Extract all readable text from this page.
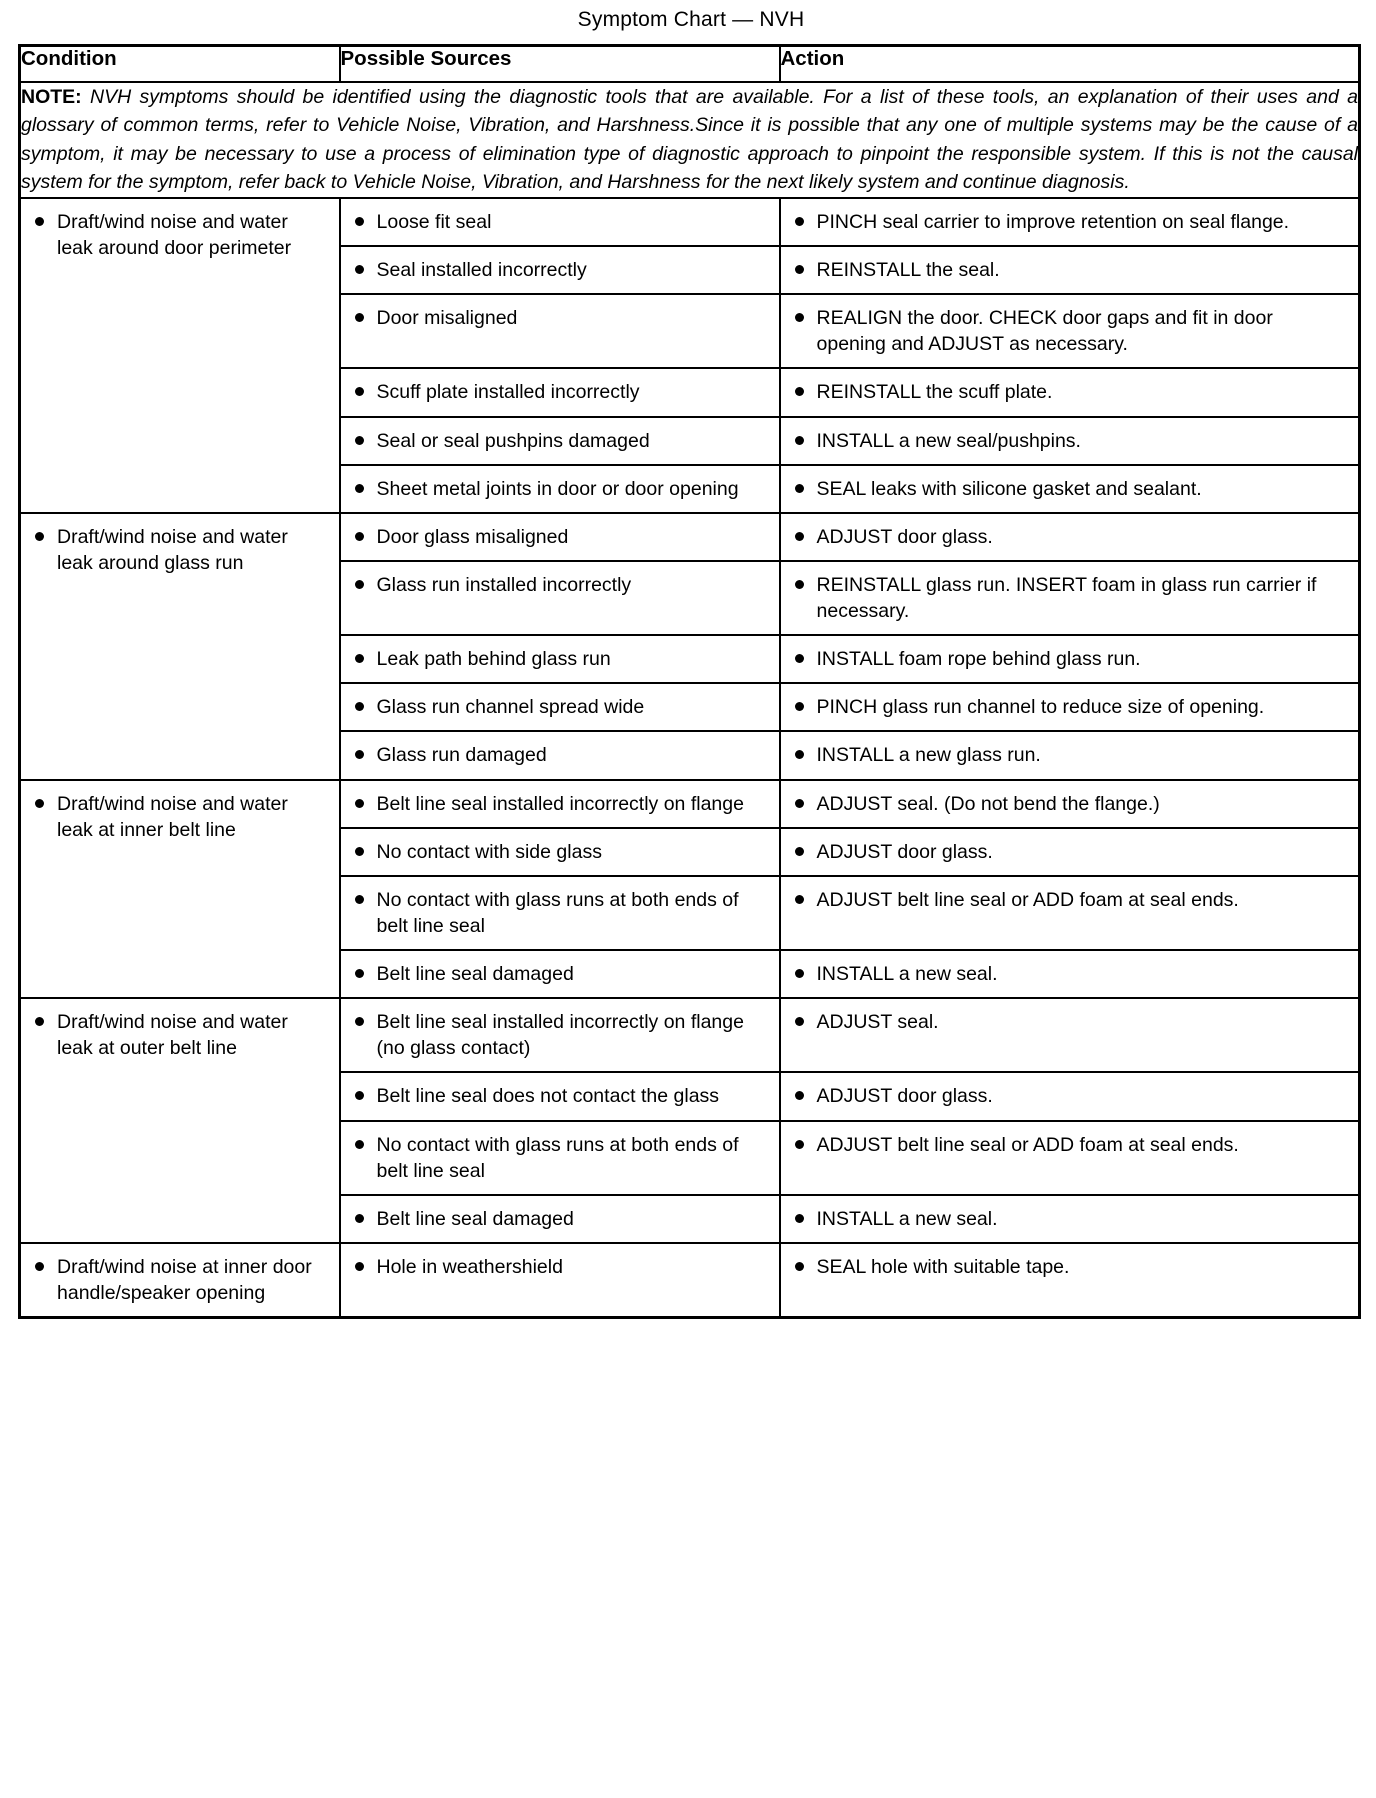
Symptom Chart — NVH
Condition	Possible Sources	Action

NOTE: NVH symptoms should be identified using the diagnostic tools that are available. For a list of these tools, an explanation of their uses and a glossary of common terms, refer to Vehicle Noise, Vibration, and Harshness.Since it is possible that any one of multiple systems may be the cause of a symptom, it may be necessary to use a process of elimination type of diagnostic approach to pinpoint the responsible system. If this is not the causal system for the symptom, refer back to Vehicle Noise, Vibration, and Harshness for the next likely system and continue diagnosis.		

Draft/wind noise and water leak around door perimeter	Loose fit seal	PINCH seal carrier to improve retention on seal flange.

	Seal installed incorrectly	REINSTALL the seal.

	Door misaligned	REALIGN the door. CHECK door gaps and fit in door opening and ADJUST as necessary.

	Scuff plate installed incorrectly	REINSTALL the scuff plate.

	Seal or seal pushpins damaged	INSTALL a new seal/pushpins.

	Sheet metal joints in door or door opening	SEAL leaks with silicone gasket and sealant.

Draft/wind noise and water leak around glass run	Door glass misaligned	ADJUST door glass.

	Glass run installed incorrectly	REINSTALL glass run. INSERT foam in glass run carrier if necessary.

	Leak path behind glass run	INSTALL foam rope behind glass run.

	Glass run channel spread wide	PINCH glass run channel to reduce size of opening.

	Glass run damaged	INSTALL a new glass run.

Draft/wind noise and water leak at inner belt line	Belt line seal installed incorrectly on flange	ADJUST seal. (Do not bend the flange.)

	No contact with side glass	ADJUST door glass.

	No contact with glass runs at both ends of belt line seal	ADJUST belt line seal or ADD foam at seal ends.

	Belt line seal damaged	INSTALL a new seal.

Draft/wind noise and water leak at outer belt line	Belt line seal installed incorrectly on flange (no glass contact)	ADJUST seal.

	Belt line seal does not contact the glass	ADJUST door glass.

	No contact with glass runs at both ends of belt line seal	ADJUST belt line seal or ADD foam at seal ends.

	Belt line seal damaged	INSTALL a new seal.

Draft/wind noise at inner door handle/speaker opening	Hole in weathershield	SEAL hole with suitable tape.
